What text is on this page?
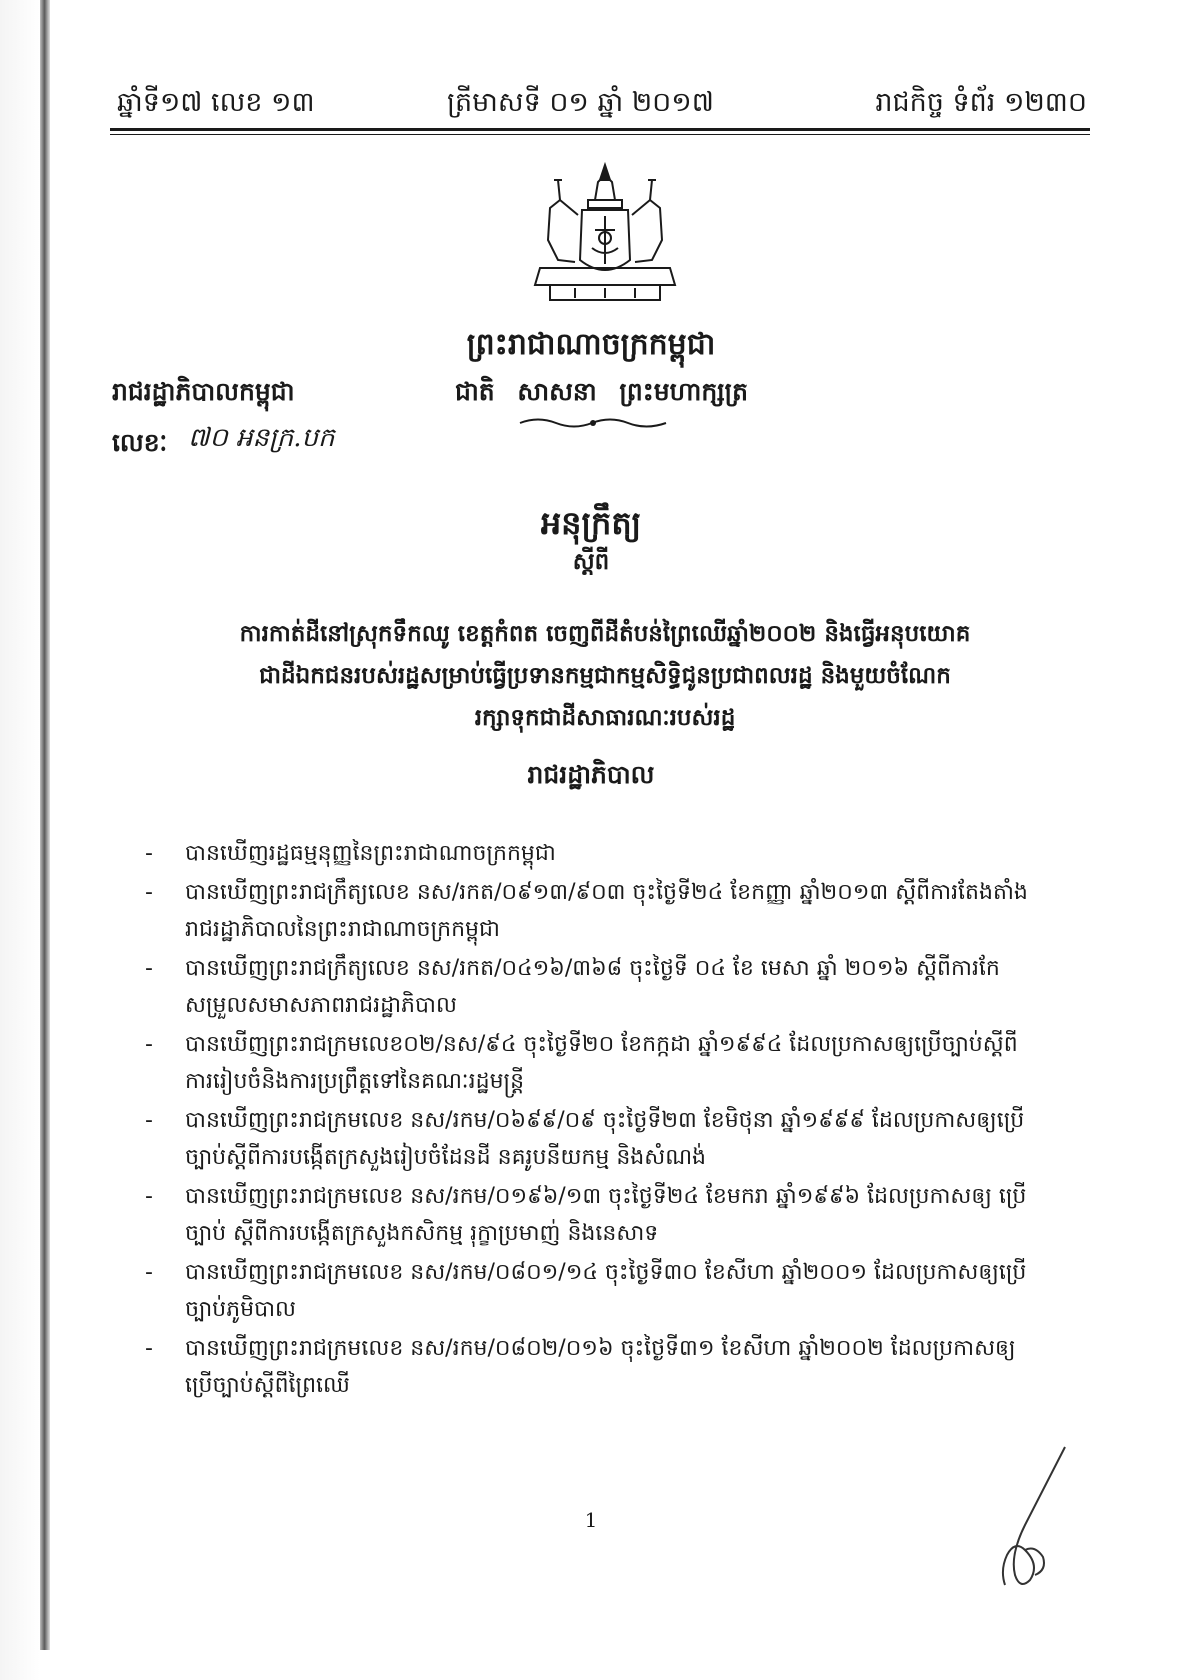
ឆ្នាំទី១៧ លេខ ១៣	ត្រីមាសទី ០១ ឆ្នាំ ២០១៧	រាជកិច្ច ទំព័រ ១២៣០
ព្រះរាជាណាចក្រកម្ពុជា
រាជរដ្ឋាភិបាលកម្ពុជា	ជាតិ សាសនា ព្រះមហាក្សត្រ
លេខៈ ៧០ អនក្រ.បក
អនុក្រឹត្យ
ស្តីពី
ការកាត់ដីនៅស្រុកទឹកឈូ ខេត្តកំពត ចេញពីដីតំបន់ព្រៃឈើឆ្នាំ២០០២ និងធ្វើអនុបយោគ
ជាដីឯកជនរបស់រដ្ឋសម្រាប់ធ្វើប្រទានកម្មជាកម្មសិទ្ធិជូនប្រជាពលរដ្ឋ និងមួយចំណែក
រក្សាទុកជាដីសាធារណៈរបស់រដ្ឋ
រាជរដ្ឋាភិបាល
- បានឃើញរដ្ឋធម្មនុញ្ញនៃព្រះរាជាណាចក្រកម្ពុជា
- បានឃើញព្រះរាជក្រឹត្យលេខ នស/រកត/០៩១៣/៩០៣ ចុះថ្ងៃទី២៤ ខែកញ្ញា ឆ្នាំ២០១៣ ស្តីពីការតែងតាំង
រាជរដ្ឋាភិបាលនៃព្រះរាជាណាចក្រកម្ពុជា
- បានឃើញព្រះរាជក្រឹត្យលេខ នស/រកត/០៤១៦/៣៦៨ ចុះថ្ងៃទី ០៤ ខែ មេសា ឆ្នាំ ២០១៦ ស្តីពីការកែ
សម្រួលសមាសភាពរាជរដ្ឋាភិបាល
- បានឃើញព្រះរាជក្រមលេខ០២/នស/៩៤ ចុះថ្ងៃទី២០ ខែកក្កដា ឆ្នាំ១៩៩៤ ដែលប្រកាសឲ្យប្រើច្បាប់ស្តីពី
ការរៀបចំនិងការប្រព្រឹត្តទៅនៃគណៈរដ្ឋមន្ត្រី
- បានឃើញព្រះរាជក្រមលេខ នស/រកម/០៦៩៩/០៩ ចុះថ្ងៃទី២៣ ខែមិថុនា ឆ្នាំ១៩៩៩ ដែលប្រកាសឲ្យប្រើ
ច្បាប់ស្តីពីការបង្កើតក្រសួងរៀបចំដែនដី នគរូបនីយកម្ម និងសំណង់
- បានឃើញព្រះរាជក្រមលេខ នស/រកម/០១៩៦/១៣ ចុះថ្ងៃទី២៤ ខែមករា ឆ្នាំ១៩៩៦ ដែលប្រកាសឲ្យ ប្រើ
ច្បាប់ ស្តីពីការបង្កើតក្រសួងកសិកម្ម រុក្ខាប្រមាញ់ និងនេសាទ
- បានឃើញព្រះរាជក្រមលេខ នស/រកម/០៨០១/១៤ ចុះថ្ងៃទី៣០ ខែសីហា ឆ្នាំ២០០១ ដែលប្រកាសឲ្យប្រើ
ច្បាប់ភូមិបាល
- បានឃើញព្រះរាជក្រមលេខ នស/រកម/០៨០២/០១៦ ចុះថ្ងៃទី៣១ ខែសីហា ឆ្នាំ២០០២ ដែលប្រកាសឲ្យ
ប្រើច្បាប់ស្តីពីព្រៃឈើ
1
